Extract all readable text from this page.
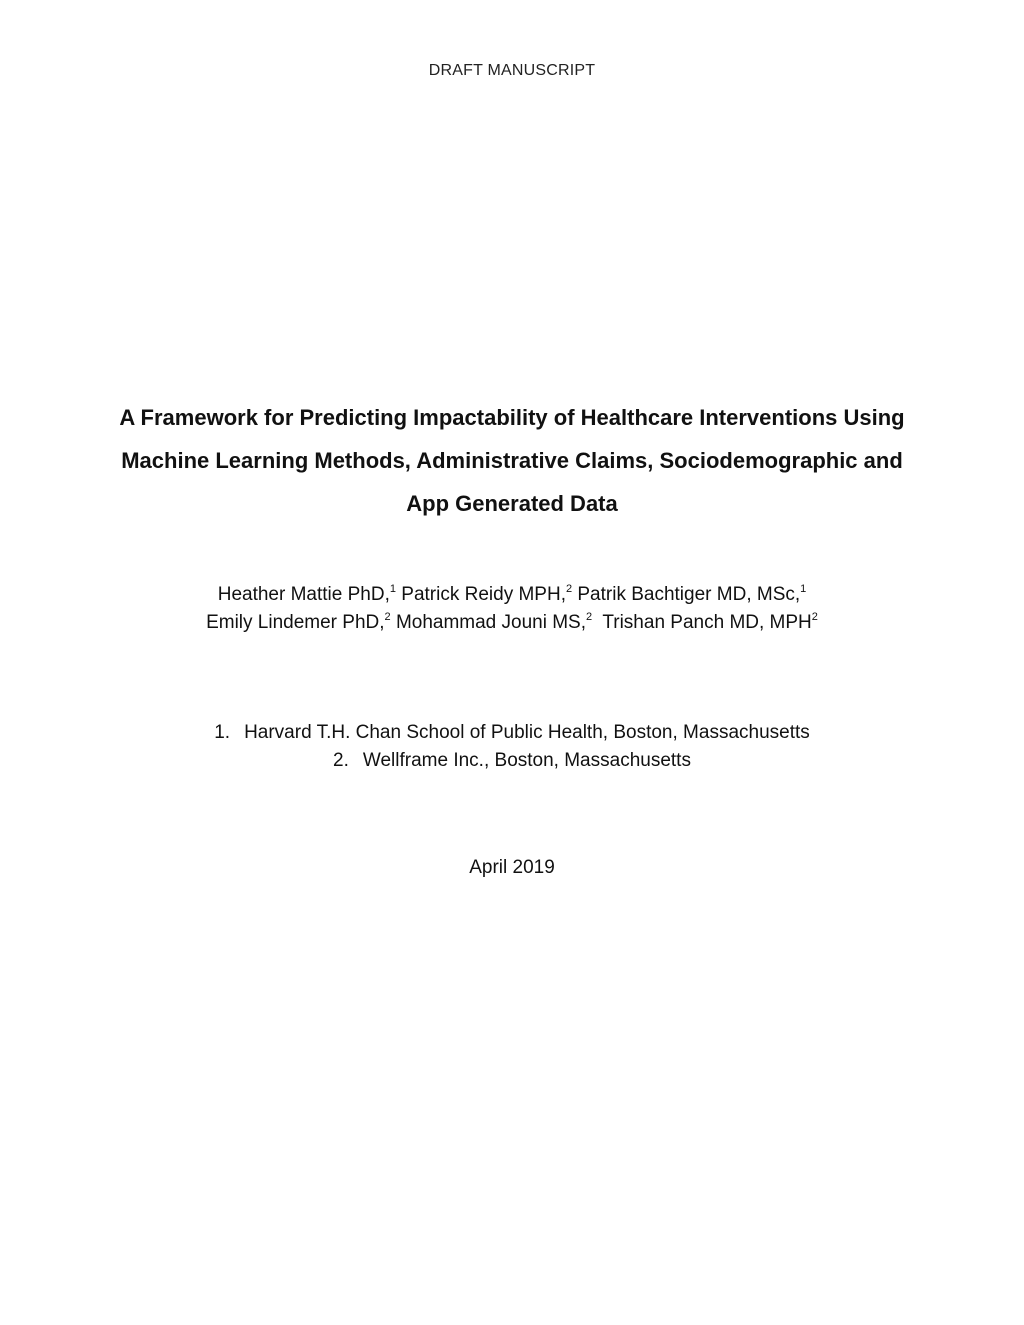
DRAFT MANUSCRIPT
A Framework for Predicting Impactability of Healthcare Interventions Using
Machine Learning Methods, Administrative Claims, Sociodemographic and
App Generated Data
Heather Mattie PhD,$^1$ Patrick Reidy MPH,$^2$ Patrik Bachtiger MD, MSc,$^1$
Emily Lindemer PhD,$^2$ Mohammad Jouni MS,$^2$ Trishan Panch MD, MPH$^2$
1. Harvard T.H. Chan School of Public Health, Boston, Massachusetts
2. Wellframe Inc., Boston, Massachusetts
April 2019
